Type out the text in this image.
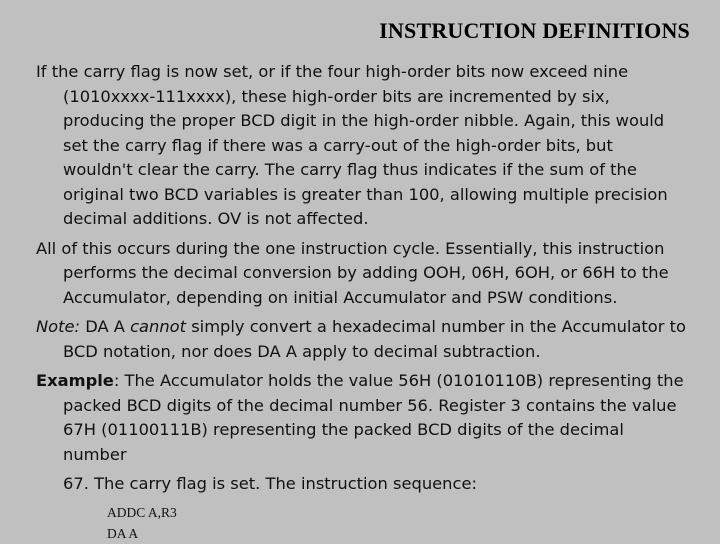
INSTRUCTION DEFINITIONS

If the carry flag is now set, or if the four high-order bits now exceed nine (1010xxxx-111xxxx), these high-order bits are incremented by six, producing the proper BCD digit in the high-order nibble. Again, this would set the carry flag if there was a carry-out of the high-order bits, but wouldn't clear the carry. The carry flag thus indicates if the sum of the original two BCD variables is greater than 100, allowing multiple precision decimal additions. OV is not affected.

All of this occurs during the one instruction cycle. Essentially, this instruction performs the decimal conversion by adding OOH, 06H, 6OH, or 66H to the Accumulator, depending on initial Accumulator and PSW conditions.

Note: DA A cannot simply convert a hexadecimal number in the Accumulator to BCD notation, nor does DA A apply to decimal subtraction.

Example: The Accumulator holds the value 56H (01010110B) representing the packed BCD digits of the decimal number 56. Register 3 contains the value 67H (01100111B) representing the packed BCD digits of the decimal number

67. The carry flag is set. The instruction sequence:

ADDC A,R3
DA A
